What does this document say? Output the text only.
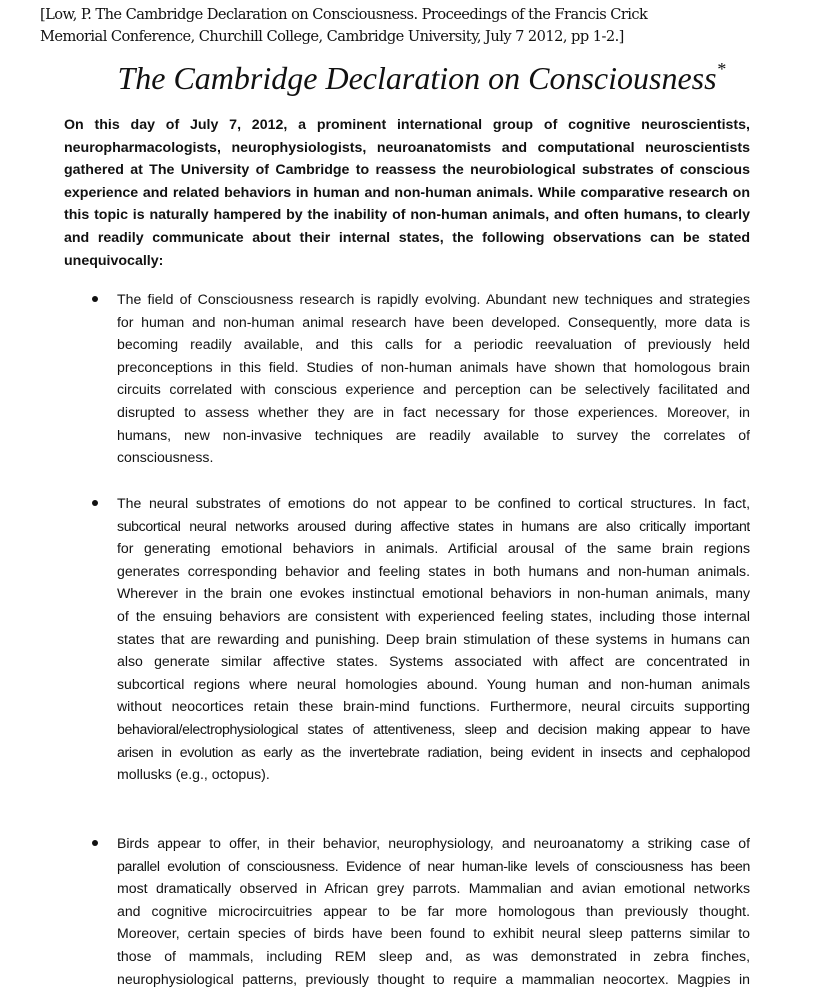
[Low, P. The Cambridge Declaration on Consciousness. Proceedings of the Francis Crick
Memorial Conference, Churchill College, Cambridge University, July 7 2012, pp 1-2.]
The Cambridge Declaration on Consciousness*
On this day of July 7, 2012, a prominent international group of cognitive neuroscientists,
neuropharmacologists, neurophysiologists, neuroanatomists and computational neuroscientists
gathered at The University of Cambridge to reassess the neurobiological substrates of conscious
experience and related behaviors in human and non-human animals. While comparative research on
this topic is naturally hampered by the inability of non-human animals, and often humans, to clearly
and readily communicate about their internal states, the following observations can be stated
unequivocally:
The field of Consciousness research is rapidly evolving. Abundant new techniques and strategies
for human and non-human animal research have been developed. Consequently, more data is
becoming readily available, and this calls for a periodic reevaluation of previously held
preconceptions in this field. Studies of non-human animals have shown that homologous brain
circuits correlated with conscious experience and perception can be selectively facilitated and
disrupted to assess whether they are in fact necessary for those experiences. Moreover, in
humans, new non-invasive techniques are readily available to survey the correlates of
consciousness.
The neural substrates of emotions do not appear to be confined to cortical structures. In fact,
subcortical neural networks aroused during affective states in humans are also critically important
for generating emotional behaviors in animals. Artificial arousal of the same brain regions
generates corresponding behavior and feeling states in both humans and non-human animals.
Wherever in the brain one evokes instinctual emotional behaviors in non-human animals, many
of the ensuing behaviors are consistent with experienced feeling states, including those internal
states that are rewarding and punishing. Deep brain stimulation of these systems in humans can
also generate similar affective states. Systems associated with affect are concentrated in
subcortical regions where neural homologies abound. Young human and non-human animals
without neocortices retain these brain-mind functions. Furthermore, neural circuits supporting
behavioral/electrophysiological states of attentiveness, sleep and decision making appear to have
arisen in evolution as early as the invertebrate radiation, being evident in insects and cephalopod
mollusks (e.g., octopus).
Birds appear to offer, in their behavior, neurophysiology, and neuroanatomy a striking case of
parallel evolution of consciousness. Evidence of near human-like levels of consciousness has been
most dramatically observed in African grey parrots. Mammalian and avian emotional networks
and cognitive microcircuitries appear to be far more homologous than previously thought.
Moreover, certain species of birds have been found to exhibit neural sleep patterns similar to
those of mammals, including REM sleep and, as was demonstrated in zebra finches,
neurophysiological patterns, previously thought to require a mammalian neocortex. Magpies in
